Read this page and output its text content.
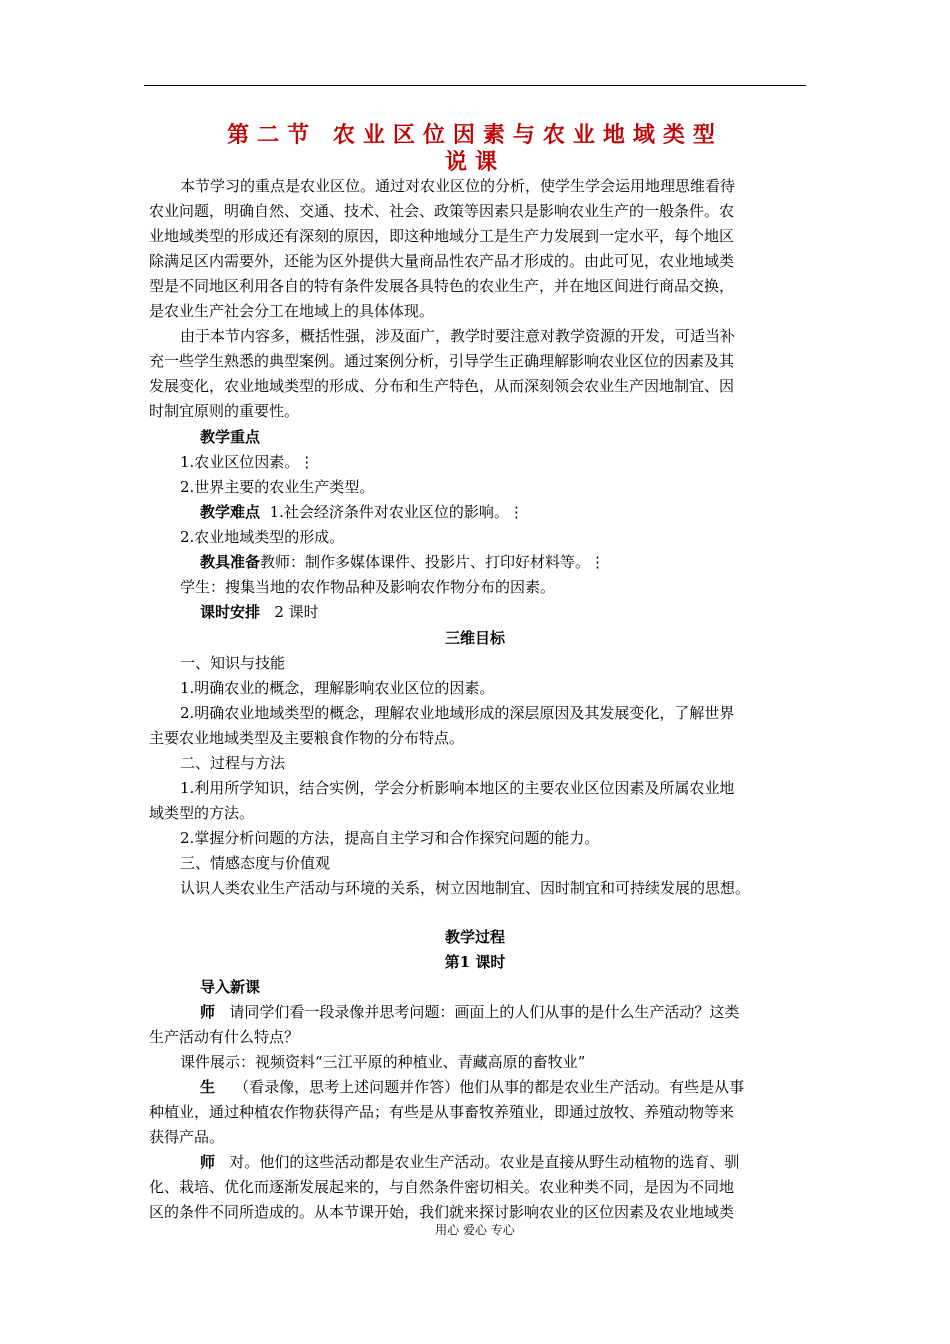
第二节 农业区位因素与农业地域类型
说课
本节学习的重点是农业区位。通过对农业区位的分析，使学生学会运用地理思维看待
农业问题，明确自然、交通、技术、社会、政策等因素只是影响农业生产的一般条件。农
业地域类型的形成还有深刻的原因，即这种地域分工是生产力发展到一定水平，每个地区
除满足区内需要外，还能为区外提供大量商品性农产品才形成的。由此可见，农业地域类
型是不同地区利用各自的特有条件发展各具特色的农业生产，并在地区间进行商品交换，
是农业生产社会分工在地域上的具体体现。
由于本节内容多，概括性强，涉及面广，教学时要注意对教学资源的开发，可适当补
充一些学生熟悉的典型案例。通过案例分析，引导学生正确理解影响农业区位的因素及其
发展变化，农业地域类型的形成、分布和生产特色，从而深刻领会农业生产因地制宜、因
时制宜原则的重要性。
教学重点
1.农业区位因素。⋮
2.世界主要的农业生产类型。
教学难点 1.社会经济条件对农业区位的影响。⋮
2.农业地域类型的形成。
教具准备教师：制作多媒体课件、投影片、打印好材料等。⋮
学生：搜集当地的农作物品种及影响农作物分布的因素。
课时安排 2 课时
三维目标
一、知识与技能
1.明确农业的概念，理解影响农业区位的因素。
2.明确农业地域类型的概念，理解农业地域形成的深层原因及其发展变化，了解世界
主要农业地域类型及主要粮食作物的分布特点。
二、过程与方法
1.利用所学知识，结合实例，学会分析影响本地区的主要农业区位因素及所属农业地
域类型的方法。
2.掌握分析问题的方法，提高自主学习和合作探究问题的能力。
三、情感态度与价值观
认识人类农业生产活动与环境的关系，树立因地制宜、因时制宜和可持续发展的思想。
教学过程
第1 课时
导入新课
师 请同学们看一段录像并思考问题：画面上的人们从事的是什么生产活动？这类
生产活动有什么特点？
课件展示：视频资料“三江平原的种植业、青藏高原的畜牧业”
生 （看录像，思考上述问题并作答）他们从事的都是农业生产活动。有些是从事
种植业，通过种植农作物获得产品；有些是从事畜牧养殖业，即通过放牧、养殖动物等来
获得产品。
师 对。他们的这些活动都是农业生产活动。农业是直接从野生动植物的选育、驯
化、栽培、优化而逐渐发展起来的，与自然条件密切相关。农业种类不同，是因为不同地
区的条件不同所造成的。从本节课开始，我们就来探讨影响农业的区位因素及农业地域类
用心 爱心 专心
